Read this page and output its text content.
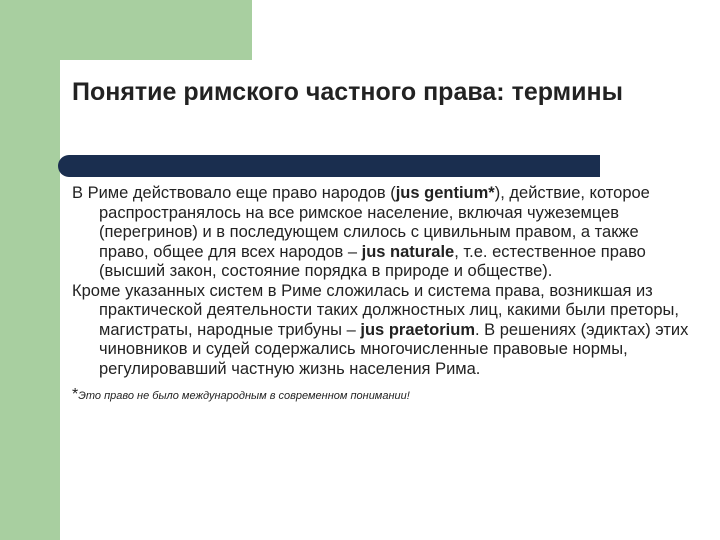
Понятие римского частного права: термины

В Риме действовало еще право народов (jus gentium*), действие, которое распространялось на все римское население, включая чужеземцев (перегринов) и в последующем слилось с цивильным правом, а также право, общее для всех народов – jus naturale, т.е. естественное право (высший закон, состояние порядка в природе и обществе).

Кроме указанных систем в Риме сложилась и система права, возникшая из практической деятельности таких должностных лиц, какими были преторы, магистраты, народные трибуны – jus praetorium. В решениях (эдиктах) этих чиновников и судей содержались многочисленные правовые нормы, регулировавший частную жизнь населения Рима.

*Это право не было международным в современном понимании!
